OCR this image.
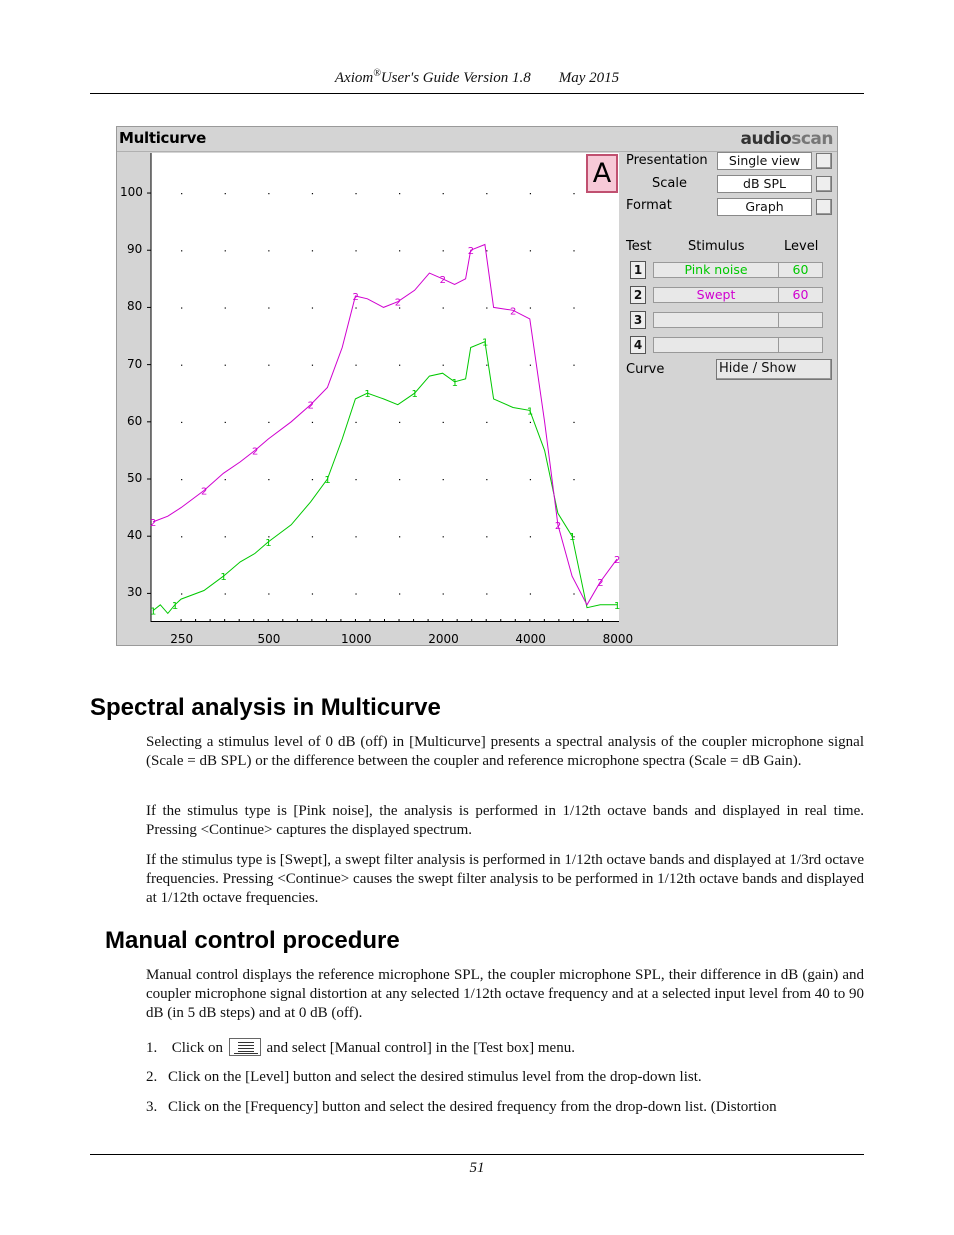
Axiom®User's Guide Version 1.8 May 2015
Multicurve	audioscan
100
90
80
70
60
50
40
30
250	500	1000	2000	4000	8000
1
1
1
1
1
1	1
1
1
1
1
1
2
2
2
2
2
2
2
2
2
2
2
2
A	Presentation	Single view
Scale	dB SPL
Format	Graph
Test	Stimulus	Level
1	Pink noise	60
2	Swept	60
3
4
Curve	Hide / Show
Spectral analysis in Multicurve
Selecting a stimulus level of 0 dB (off) in [Multicurve] presents a spectral analysis of the coupler microphone signal (Scale = dB SPL) or the difference between the coupler and reference microphone spectra (Scale = dB Gain).
If the stimulus type is [Pink noise], the analysis is performed in 1/12th octave bands and displayed in real time. Pressing <Continue> captures the displayed spectrum.
If the stimulus type is [Swept], a swept filter analysis is performed in 1/12th octave bands and displayed at 1/3rd octave frequencies. Pressing <Continue> causes the swept filter analysis to be performed in 1/12th octave bands and displayed at 1/12th octave frequencies.
Manual control procedure
Manual control displays the reference microphone SPL, the coupler microphone SPL, their difference in dB (gain) and coupler microphone signal distortion at any selected 1/12th octave frequency and at a selected input level from 40 to 90 dB (in 5 dB steps) and at 0 dB (off).
1. Click on	and select [Manual control] in the [Test box] menu.
2. Click on the [Level] button and select the desired stimulus level from the drop-down list.
3. Click on the [Frequency] button and select the desired frequency from the drop-down list. (Distortion
51
